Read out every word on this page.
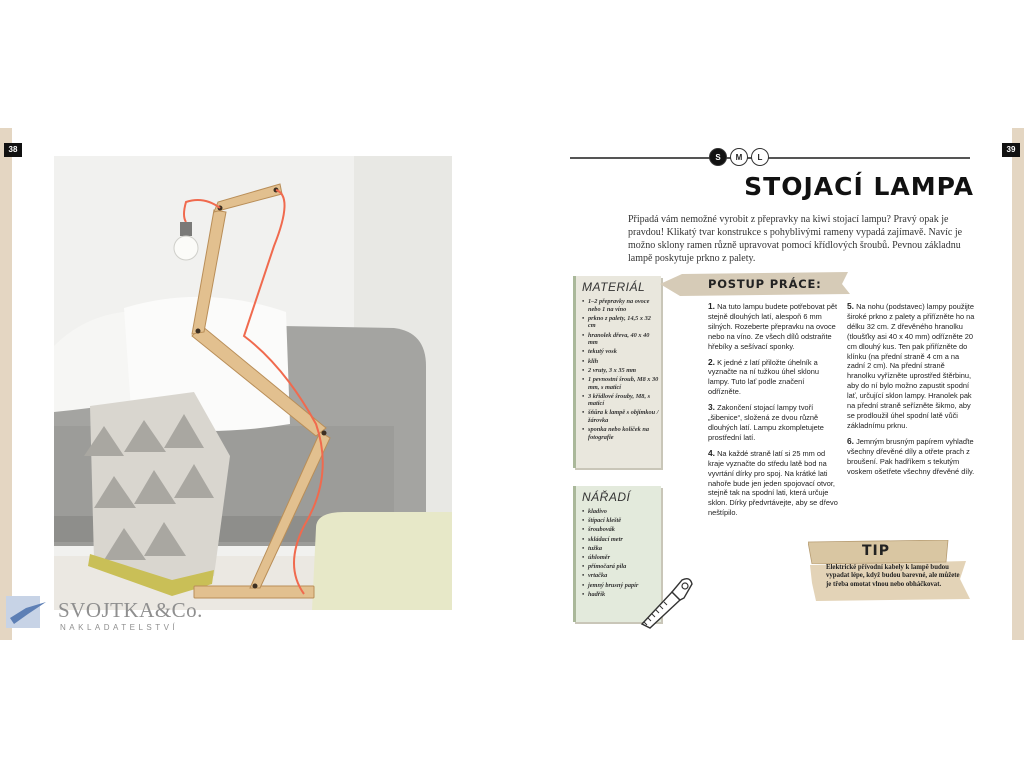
38	39
SVOJTKA&Co.
NAKLADATELSTVÍ
S	M	L
STOJACÍ LAMPA
Připadá vám nemožné vyrobit z přepravky na kiwi stojací lampu? Pravý opak je pravdou! Klikatý tvar konstrukce s pohyblivými rameny vypadá zajímavě. Navíc je možno sklony ramen různě upravovat pomocí křídlových šroubů. Pevnou základnu lampě poskytuje prkno z palety.
MATERIÁL
• 1–2 přepravky na ovoce nebo 1 na víno
• prkno z palety, 14,5 x 32 cm
• hranolek dřeva, 40 x 40 mm
• tekutý vosk
• klih
• 2 vruty, 3 x 35 mm
• 1 pevnostní šroub, M8 x 30 mm, s maticí
• 3 křídlové šrouby, M8, s maticí
• šňůra k lampě s objímkou / žárovka
• sponka nebo kolíček na fotografie
NÁŘADÍ
• kladivo
• štípací kleště
• šroubovák
• skládací metr
• tužka
• úhloměr
• přímočará pila
• vrtačka
• jemný brusný papír
• hadřík
POSTUP PRÁCE:

1. Na tuto lampu budete potřebovat pět stejně dlouhých latí, alespoň 6 mm silných. Rozeberte přepravku na ovoce nebo na víno. Ze všech dílů odstraňte hřebíky a sešívací sponky.

2. K jedné z latí přiložte úhelník a vyznačte na ní tužkou úhel sklonu lampy. Tuto lať podle značení odřízněte.

3. Zakončení stojací lampy tvoří „šibenice“, složená ze dvou různě dlouhých latí. Lampu zkompletujete prostřední latí.

4. Na každé straně latí si 25 mm od kraje vyznačte do středu latě bod na vyvrtání dírky pro spoj. Na krátké lati nahoře bude jen jeden spojovací otvor, stejně tak na spodní lati, která určuje sklon. Dírky předvrtávejte, aby se dřevo neštípilo.

5. Na nohu (podstavec) lampy použijte široké prkno z palety a přiřízněte ho na délku 32 cm. Z dřevěného hranolku (tloušťky asi 40 x 40 mm) odřízněte 20 cm dlouhý kus. Ten pak přiřízněte do klínku (na přední straně 4 cm a na zadní 2 cm). Na přední straně hranolku vyřízněte uprostřed štěrbinu, aby do ní bylo možno zapustit spodní lať, určující sklon lampy. Hranolek pak na přední straně seřízněte šikmo, aby se prodloužil úhel spodní latě vůči základnímu prknu.

6. Jemným brusným papírem vyhlaďte všechny dřevěné díly a otřete prach z broušení. Pak hadříkem s tekutým voskem ošetřete všechny dřevěné díly.

TIP
Elektrické přívodní kabely k lampě budou vypadat lépe, když budou barevné, ale můžete je třeba omotat vlnou nebo obháčkovat.
